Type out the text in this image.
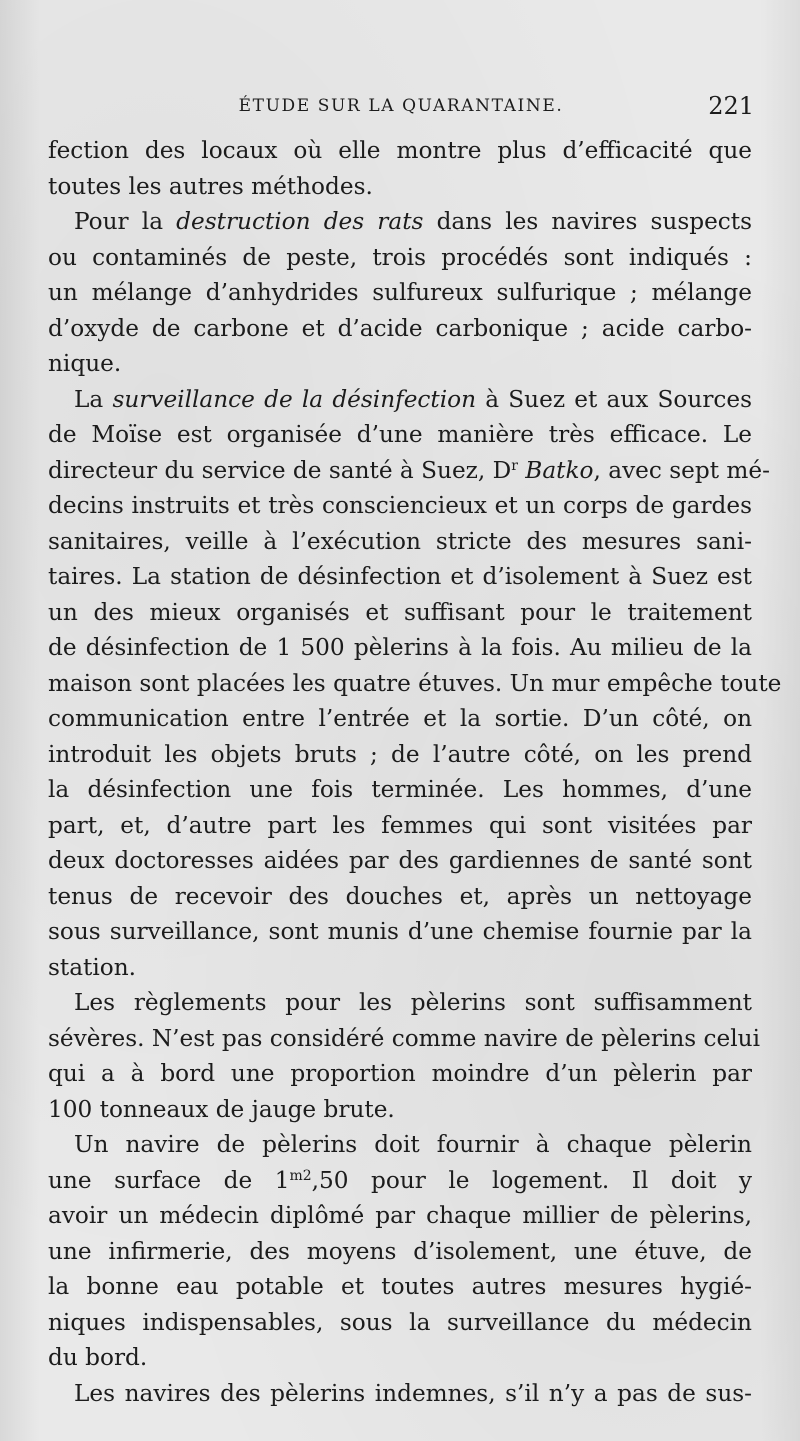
ÉTUDE SUR LA QUARANTAINE.	221
fection des locaux où elle montre plus d’efficacité que
toutes les autres méthodes.
Pour la destruction des rats dans les navires suspects
ou contaminés de peste, trois procédés sont indiqués :
un mélange d’anhydrides sulfureux sulfurique ; mélange
d’oxyde de carbone et d’acide carbonique ; acide carbo-
nique.
La surveillance de la désinfection à Suez et aux Sources
de Moïse est organisée d’une manière très efficace. Le
directeur du service de santé à Suez, $D^r$ Batko, avec sept mé-
decins instruits et très consciencieux et un corps de gardes
sanitaires, veille à l’exécution stricte des mesures sani-
taires. La station de désinfection et d’isolement à Suez est
un des mieux organisés et suffisant pour le traitement
de désinfection de 1 500 pèlerins à la fois. Au milieu de la
maison sont placées les quatre étuves. Un mur empêche toute
communication entre l’entrée et la sortie. D’un côté, on
introduit les objets bruts ; de l’autre côté, on les prend
la désinfection une fois terminée. Les hommes, d’une
part, et, d’autre part les femmes qui sont visitées par
deux doctoresses aidées par des gardiennes de santé sont
tenus de recevoir des douches et, après un nettoyage
sous surveillance, sont munis d’une chemise fournie par la
station.
Les règlements pour les pèlerins sont suffisamment
sévères. N’est pas considéré comme navire de pèlerins celui
qui a à bord une proportion moindre d’un pèlerin par
100 tonneaux de jauge brute.
Un navire de pèlerins doit fournir à chaque pèlerin
une surface de $1^{m2},50$ pour le logement. Il doit y
avoir un médecin diplômé par chaque millier de pèlerins,
une infirmerie, des moyens d’isolement, une étuve, de
la bonne eau potable et toutes autres mesures hygié-
niques indispensables, sous la surveillance du médecin
du bord.
Les navires des pèlerins indemnes, s’il n’y a pas de sus-
